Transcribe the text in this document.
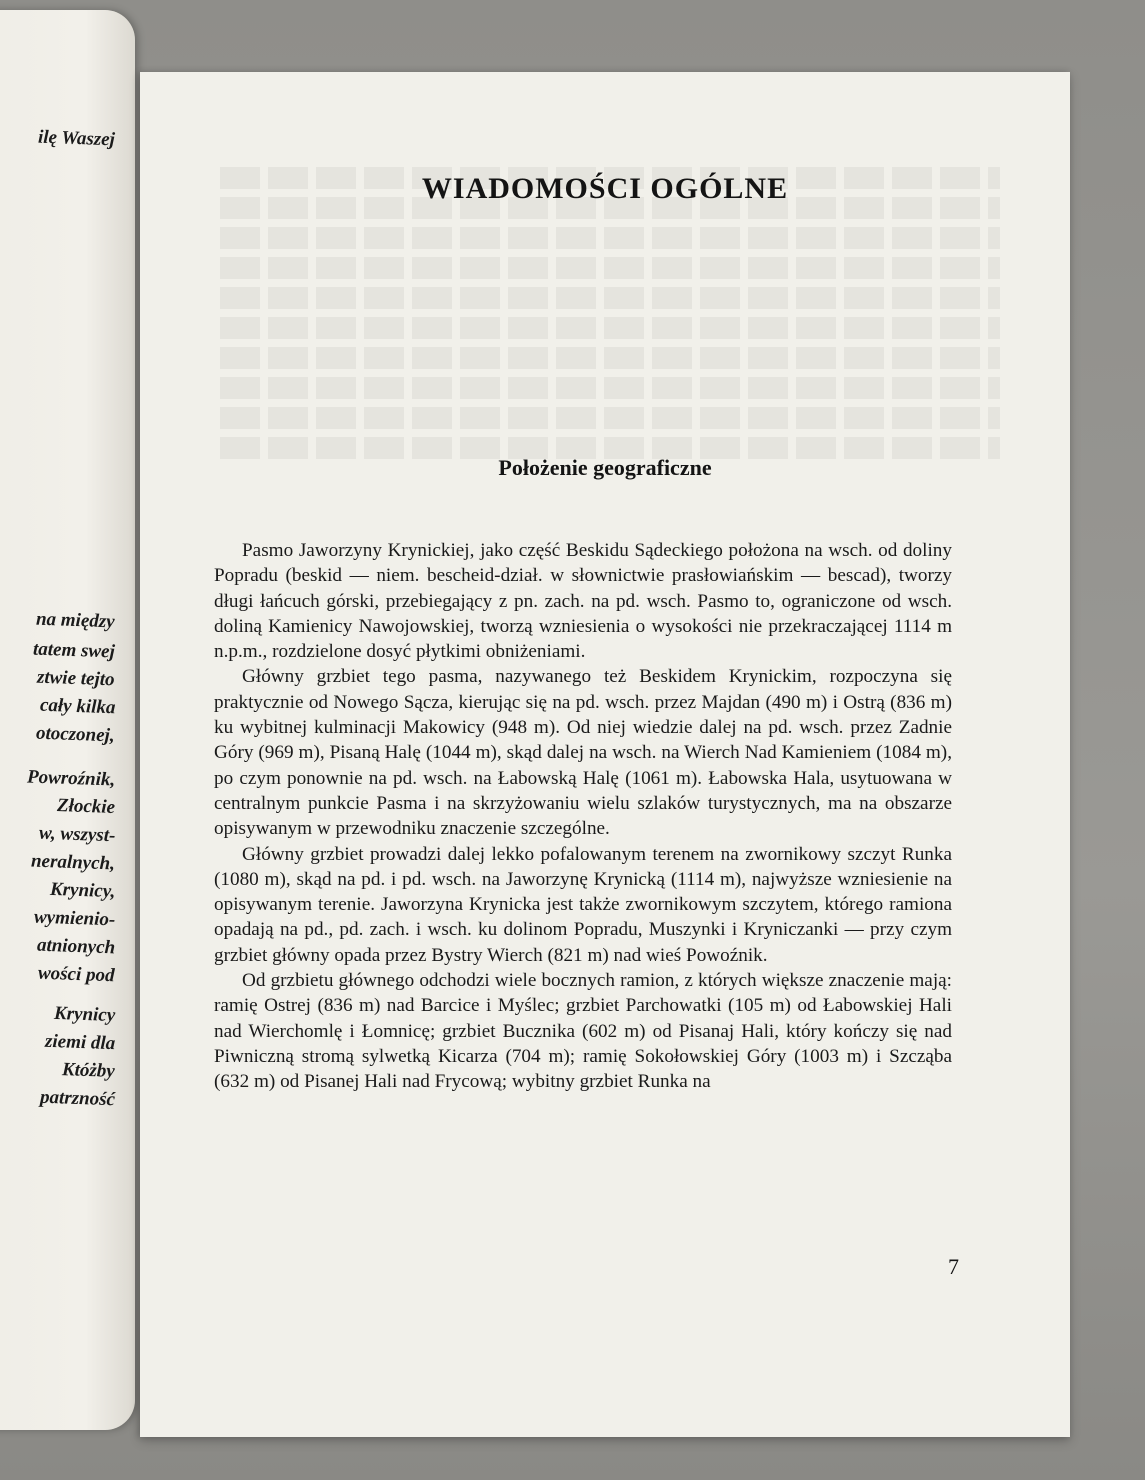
ilę Waszej
na między
tatem swej
ztwie tejto
cały kilka
otoczonej,
Powroźnik,
Złockie
w, wszyst-
neralnych,
Krynicy,
wymienio-
atnionych
wości pod
Krynicy
ziemi dla
Któżby
patrzność
WIADOMOŚCI OGÓLNE
Położenie geograficzne

Pasmo Jaworzyny Krynickiej, jako część Beskidu Sądeckiego położona na wsch. od doliny Popradu (beskid — niem. bescheid-dział. w słownictwie prasłowiańskim — bescad), tworzy długi łańcuch górski, przebiegający z pn. zach. na pd. wsch. Pasmo to, ograniczone od wsch. doliną Kamienicy Nawojowskiej, tworzą wzniesienia o wysokości nie przekraczającej 1114 m n.p.m., rozdzielone dosyć płytkimi obniżeniami.

Główny grzbiet tego pasma, nazywanego też Beskidem Krynickim, rozpoczyna się praktycznie od Nowego Sącza, kierując się na pd. wsch. przez Majdan (490 m) i Ostrą (836 m) ku wybitnej kulminacji Makowicy (948 m). Od niej wiedzie dalej na pd. wsch. przez Zadnie Góry (969 m), Pisaną Halę (1044 m), skąd dalej na wsch. na Wierch Nad Kamieniem (1084 m), po czym ponownie na pd. wsch. na Łabowską Halę (1061 m). Łabowska Hala, usytuowana w centralnym punkcie Pasma i na skrzyżowaniu wielu szlaków turystycznych, ma na obszarze opisywanym w przewodniku znaczenie szczególne.

Główny grzbiet prowadzi dalej lekko pofalowanym terenem na zwornikowy szczyt Runka (1080 m), skąd na pd. i pd. wsch. na Jaworzynę Krynicką (1114 m), najwyższe wzniesienie na opisywanym terenie. Jaworzyna Krynicka jest także zwornikowym szczytem, którego ramiona opadają na pd., pd. zach. i wsch. ku dolinom Popradu, Muszynki i Kryniczanki — przy czym grzbiet główny opada przez Bystry Wierch (821 m) nad wieś Powoźnik.

Od grzbietu głównego odchodzi wiele bocznych ramion, z których większe znaczenie mają: ramię Ostrej (836 m) nad Barcice i Myślec; grzbiet Parchowatki (105 m) od Łabowskiej Hali nad Wierchomlę i Łomnicę; grzbiet Bucznika (602 m) od Pisanaj Hali, który kończy się nad Piwniczną stromą sylwetką Kicarza (704 m); ramię Sokołowskiej Góry (1003 m) i Szcząba (632 m) od Pisanej Hali nad Frycową; wybitny grzbiet Runka na

7
